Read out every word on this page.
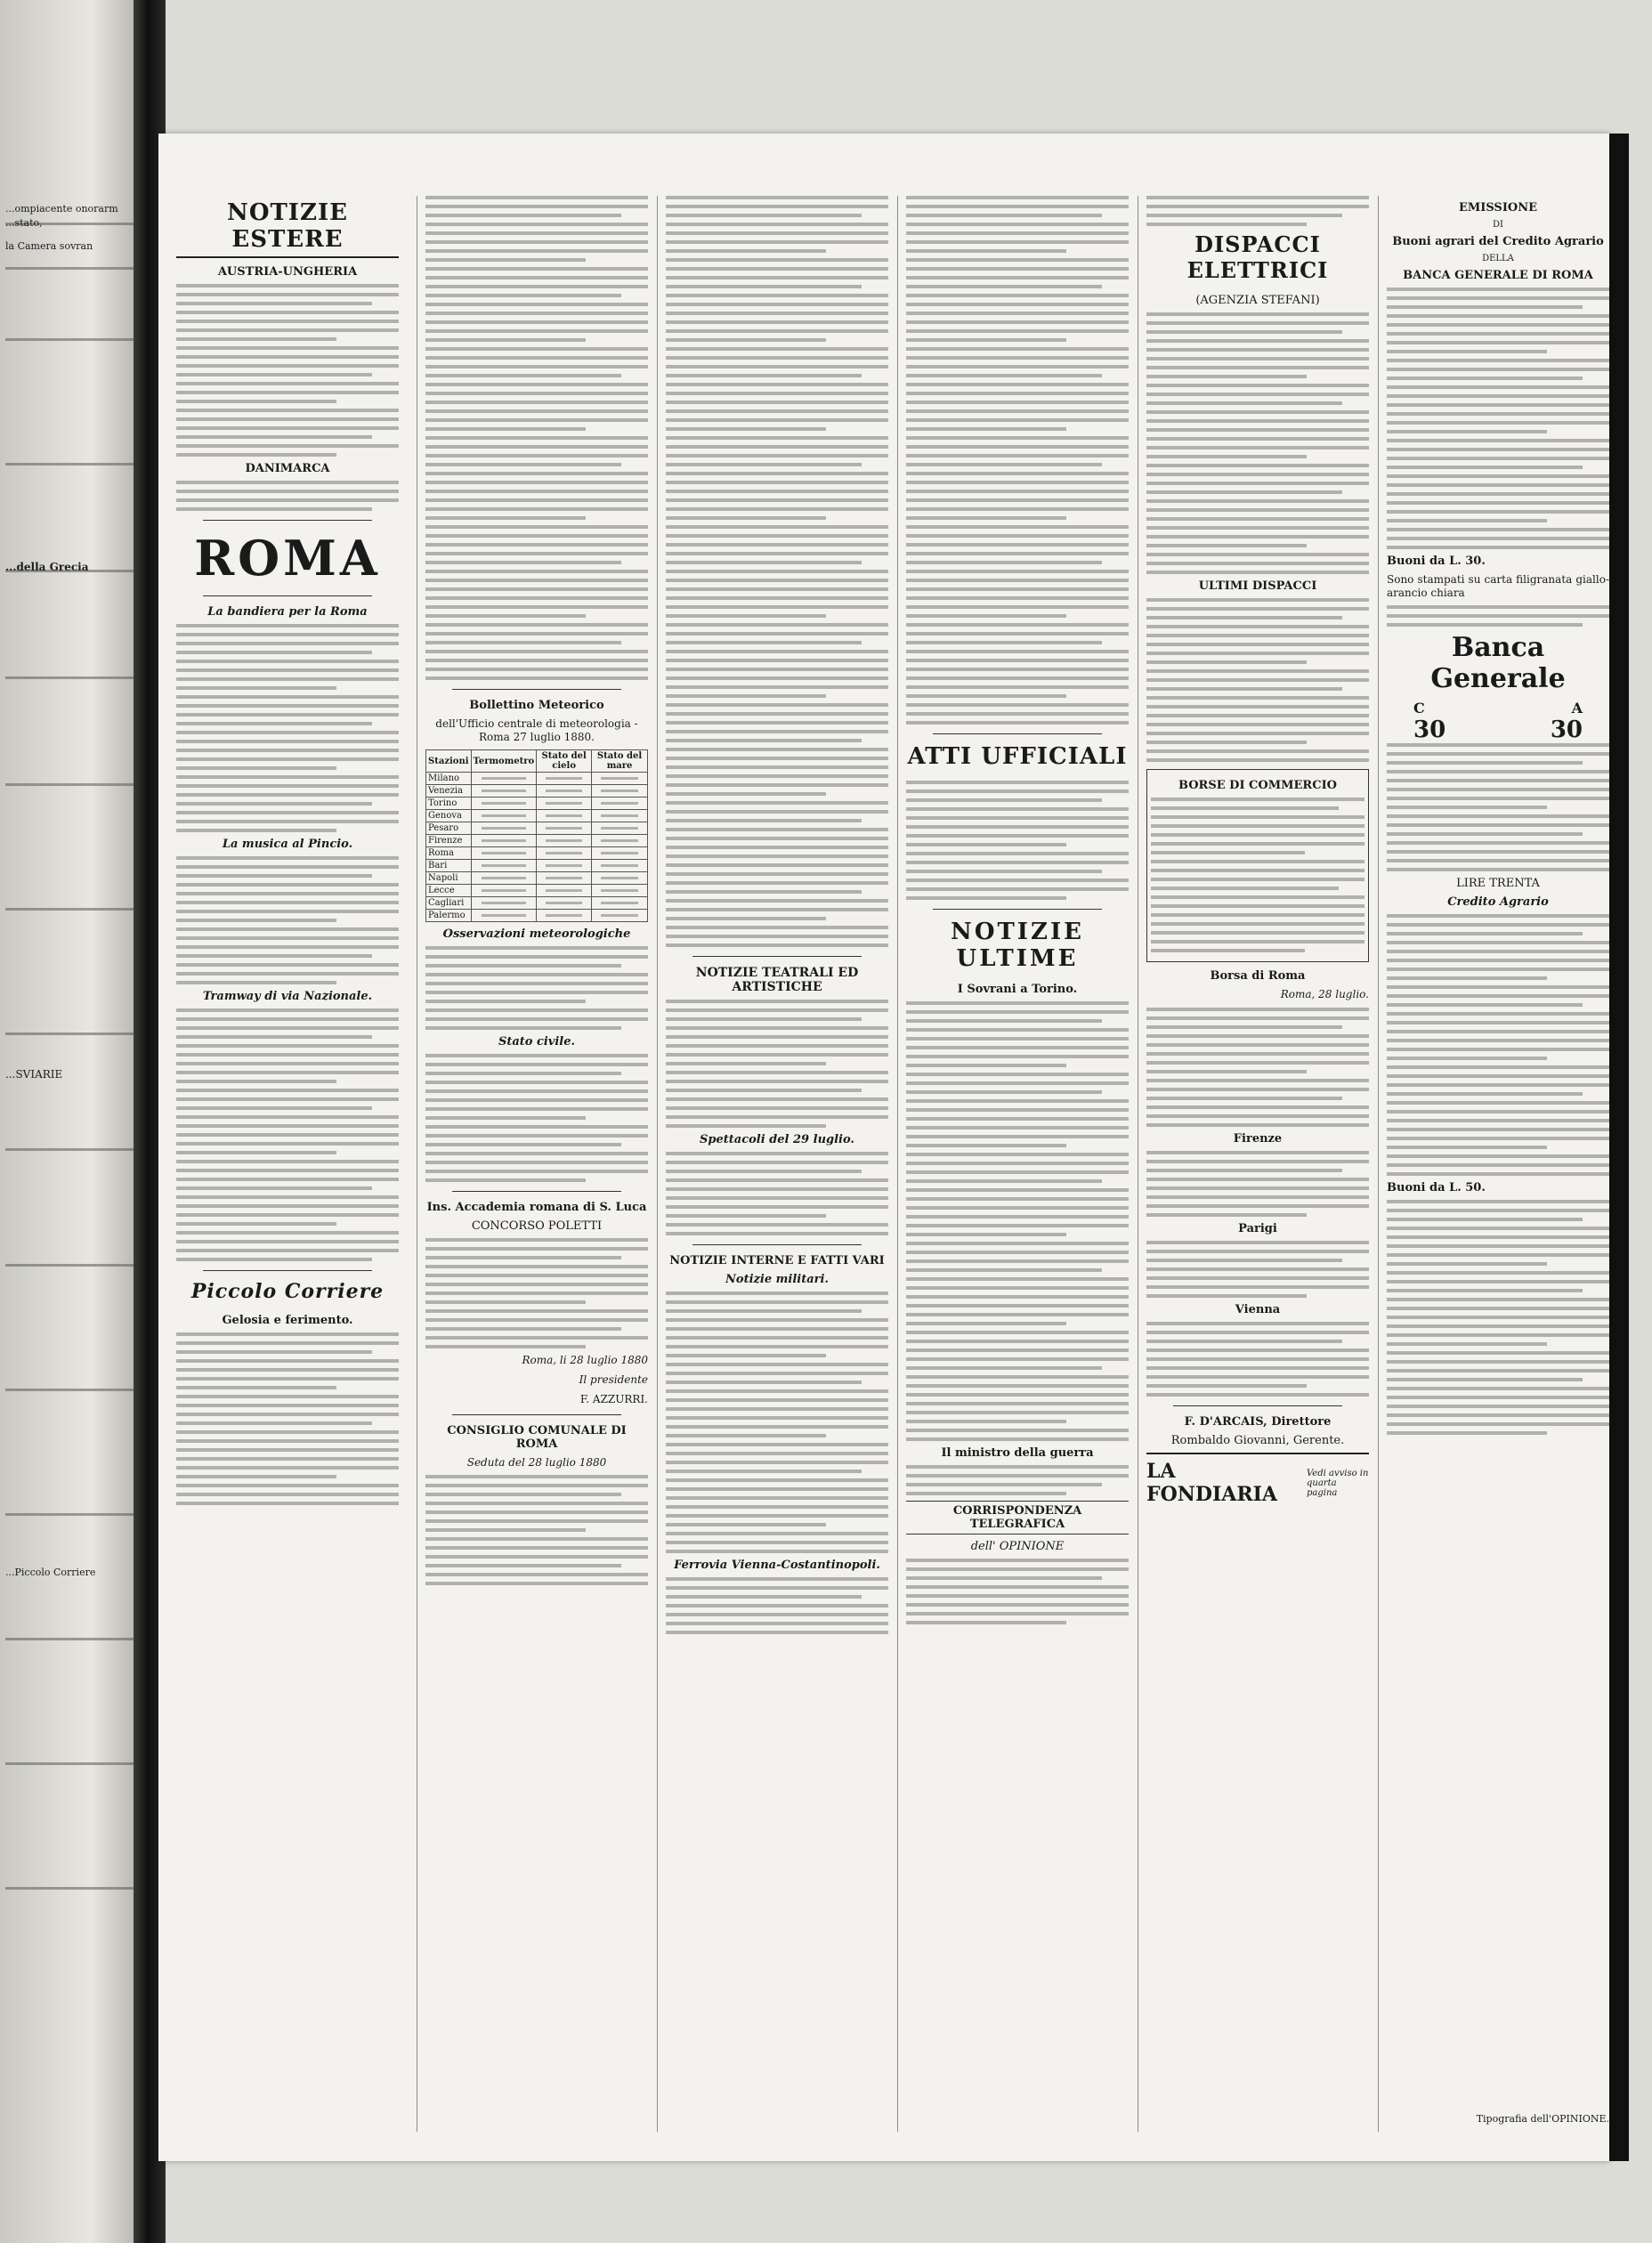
...ompiacente onorarm
...stato,
la Camera sovran
...della Grecia
...SVIARIE
...Piccolo Corriere
NOTIZIE ESTERE
AUSTRIA-UNGHERIA
DANIMARCA
ROMA
La bandiera per la Roma
La musica al Pincio.
Tramway di via Nazionale.
Piccolo Corriere
Gelosia e ferimento.
Bollettino Meteorico
dell'Ufficio centrale di meteorologia - Roma 27 luglio 1880.
Stazioni	Termometro	Stato del cielo	Stato del mare
Milano	

Venezia	

Torino	

Genova	

Pesaro	

Firenze	

Roma	

Bari	

Napoli	

Lecce	

Cagliari	

Palermo	

Osservazioni meteorologiche
Stato civile.
Ins. Accademia romana di S. Luca
CONCORSO POLETTI
Roma, li 28 luglio 1880
Il presidente
F. AZZURRI.
CONSIGLIO COMUNALE DI ROMA
Seduta del 28 luglio 1880
NOTIZIE TEATRALI ED ARTISTICHE
Spettacoli del 29 luglio.
NOTIZIE INTERNE E FATTI VARI
Notizie militari.
Ferrovia Vienna-Costantinopoli.
ATTI UFFICIALI
NOTIZIE ULTIME
I Sovrani a Torino.
Il ministro della guerra
CORRISPONDENZA TELEGRAFICA
dell' OPINIONE
DISPACCI ELETTRICI
(AGENZIA STEFANI)
ULTIMI DISPACCI
BORSE DI COMMERCIO
Borsa di Roma
Roma, 28 luglio.
Firenze
Parigi
Vienna
F. D'ARCAIS, Direttore
Rombaldo Giovanni, Gerente.
LA FONDIARIA
Vedi avviso in quarta pagina
EMISSIONE
DI
Buoni agrari del Credito Agrario
DELLA
BANCA GENERALE DI ROMA
Buoni da L. 30.
Sono stampati su carta filigranata giallo-arancio chiara
Banca Generale
C	A
30	30
LIRE TRENTA
Credito Agrario
Buoni da L. 50.
Tipografia dell'OPINIONE.
